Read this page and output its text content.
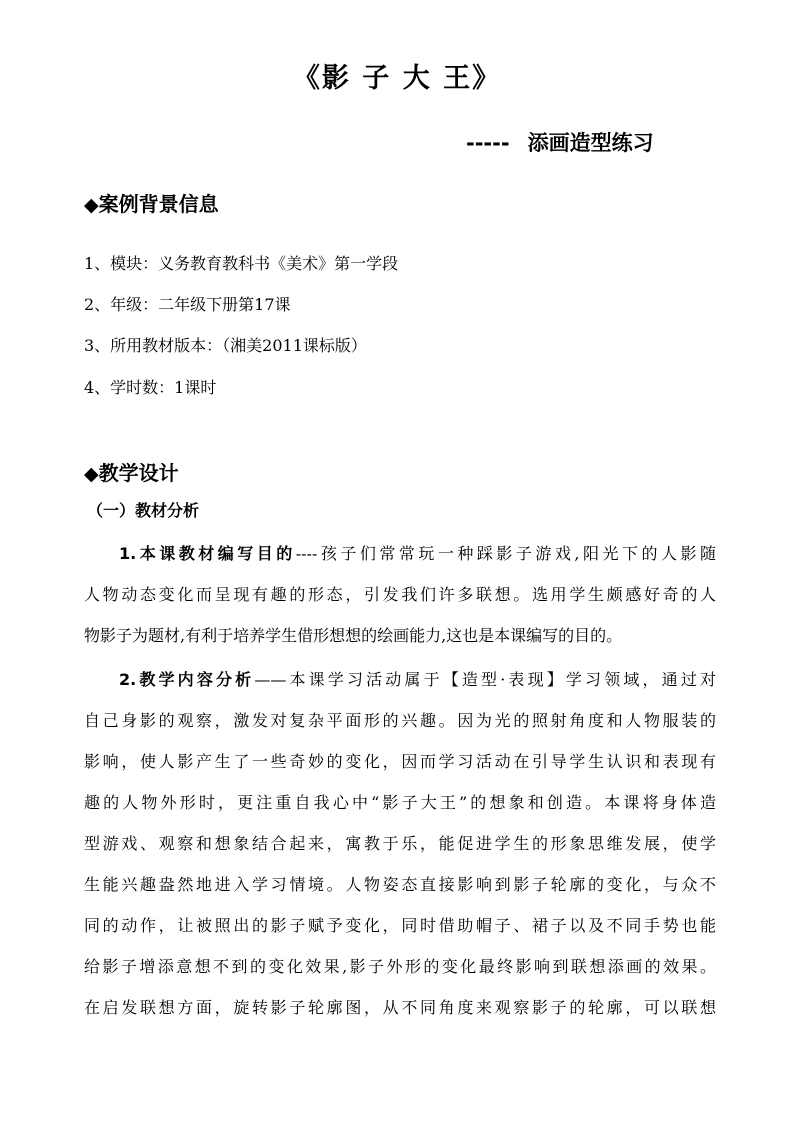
《影 子 大 王》
----- 添画造型练习
◆案例背景信息
1、模块：义务教育教科书《美术》第一学段
2、年级：二年级下册第17课
3、所用教材版本：（湘美2011课标版）
4、学时数：1课时
◆教学设计
（一）教材分析
1.本课教材编写目的----孩子们常常玩一种踩影子游戏,阳光下的人影随
人物动态变化而呈现有趣的形态，引发我们许多联想。选用学生颇感好奇的人
物影子为题材,有利于培养学生借形想想的绘画能力,这也是本课编写的目的。
2.教学内容分析——本课学习活动属于【造型·表现】学习领域，通过对
自己身影的观察，激发对复杂平面形的兴趣。因为光的照射角度和人物服装的
影响，使人影产生了一些奇妙的变化，因而学习活动在引导学生认识和表现有
趣的人物外形时，更注重自我心中“影子大王”的想象和创造。本课将身体造
型游戏、观察和想象结合起来，寓教于乐，能促进学生的形象思维发展，使学
生能兴趣盎然地进入学习情境。人物姿态直接影响到影子轮廓的变化，与众不
同的动作，让被照出的影子赋予变化，同时借助帽子、裙子以及不同手势也能
给影子增添意想不到的变化效果,影子外形的变化最终影响到联想添画的效果。
在启发联想方面，旋转影子轮廓图，从不同角度来观察影子的轮廓，可以联想
